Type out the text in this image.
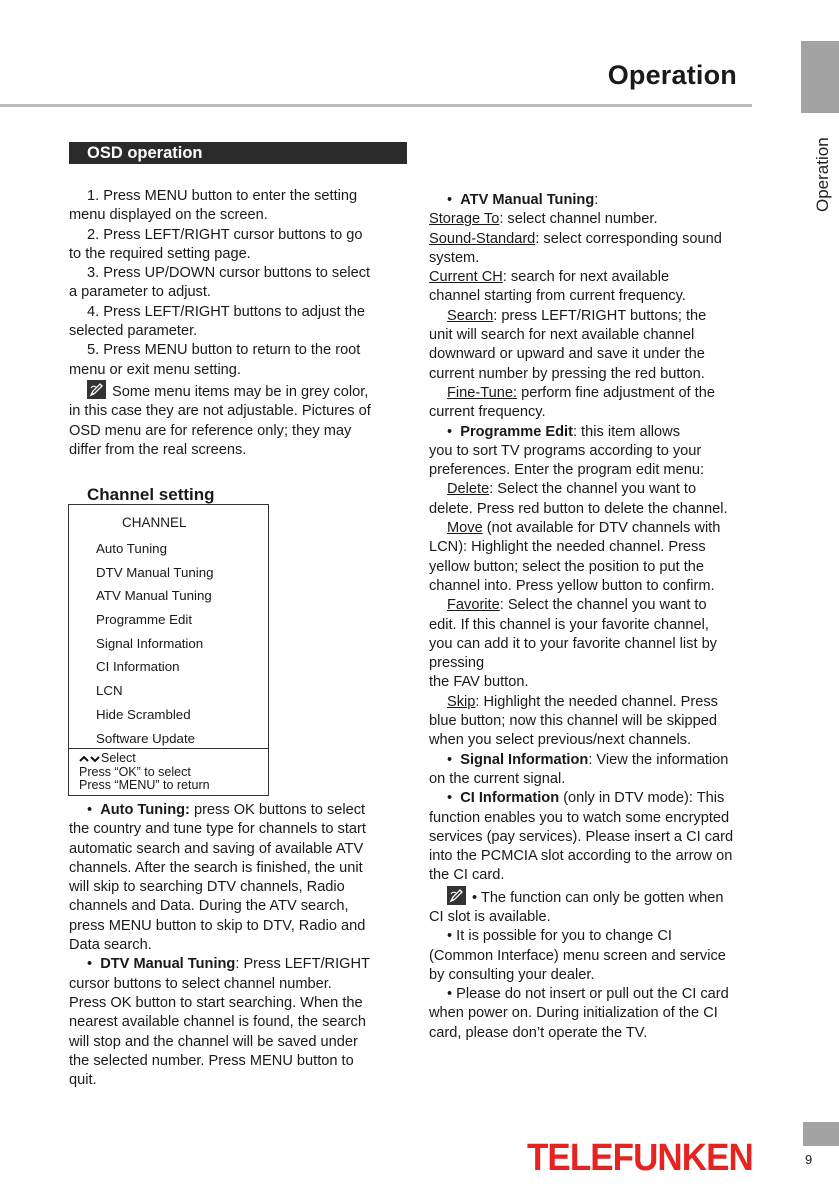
Operation
Operation
OSD operation

1. Press MENU button to enter the setting

menu displayed on the screen.

2. Press LEFT/RIGHT cursor buttons to go

to the required setting page.

3. Press UP/DOWN cursor buttons to select

a parameter to adjust.

4. Press LEFT/RIGHT buttons to adjust the

selected parameter.

5. Press MENU button to return to the root

menu or exit menu setting.

Some menu items may be in grey color,

in this case they are not adjustable. Pictures of

OSD menu are for reference only; they may

differ from the real screens.

Channel setting
CHANNEL
Auto Tuning
DTV Manual Tuning
ATV Manual Tuning
Programme Edit
Signal Information
CI Information
LCN
Hide Scrambled
Software Update
Select
Press “OK” to select
Press “MENU” to return

•  Auto Tuning: press OK buttons to select

the country and tune type for channels to start

automatic search and saving of available ATV

channels. After the search is finished, the unit

will skip to searching DTV channels, Radio

channels and Data. During the ATV search,

press MENU button to skip to DTV, Radio and

Data search.

•  DTV Manual Tuning: Press LEFT/RIGHT

cursor buttons to select channel number.

Press OK button to start searching. When the

nearest available channel is found, the search

will stop and the channel will be saved under

the selected number. Press MENU button to

quit.

•  ATV Manual Tuning:

Storage To: select channel number.

Sound-Standard: select corresponding sound

system.

Current CH: search for next available

channel starting from current frequency.

Search: press LEFT/RIGHT buttons; the

unit will search for next available channel

downward or upward and save it under the

current number by pressing the red button.

Fine-Tune: perform fine adjustment of the

current frequency.

•  Programme Edit: this item allows

you to sort TV programs according to your

preferences. Enter the program edit menu:

Delete: Select the channel you want to

delete. Press red button to delete the channel.

Move (not available for DTV channels with

LCN): Highlight the needed channel. Press

yellow button; select the position to put the

channel into. Press yellow button to confirm.

Favorite: Select the channel you want to

edit. If this channel is your favorite channel,

you can add it to your favorite channel list by

pressing

the FAV button.

Skip: Highlight the needed channel. Press

blue button; now this channel will be skipped

when you select previous/next channels.

•  Signal Information: View the information

on the current signal.

•  CI Information (only in DTV mode): This

function enables you to watch some encrypted

services (pay services). Please insert a CI card

into the PCMCIA slot according to the arrow on

the CI card.

• The function can only be gotten when

CI slot is available.

• It is possible for you to change CI

(Common Interface) menu screen and service

by consulting your dealer.

• Please do not insert or pull out the CI card

when power on. During initialization of the CI

card, please don’t operate the TV.

TELEFUNKEN	9
